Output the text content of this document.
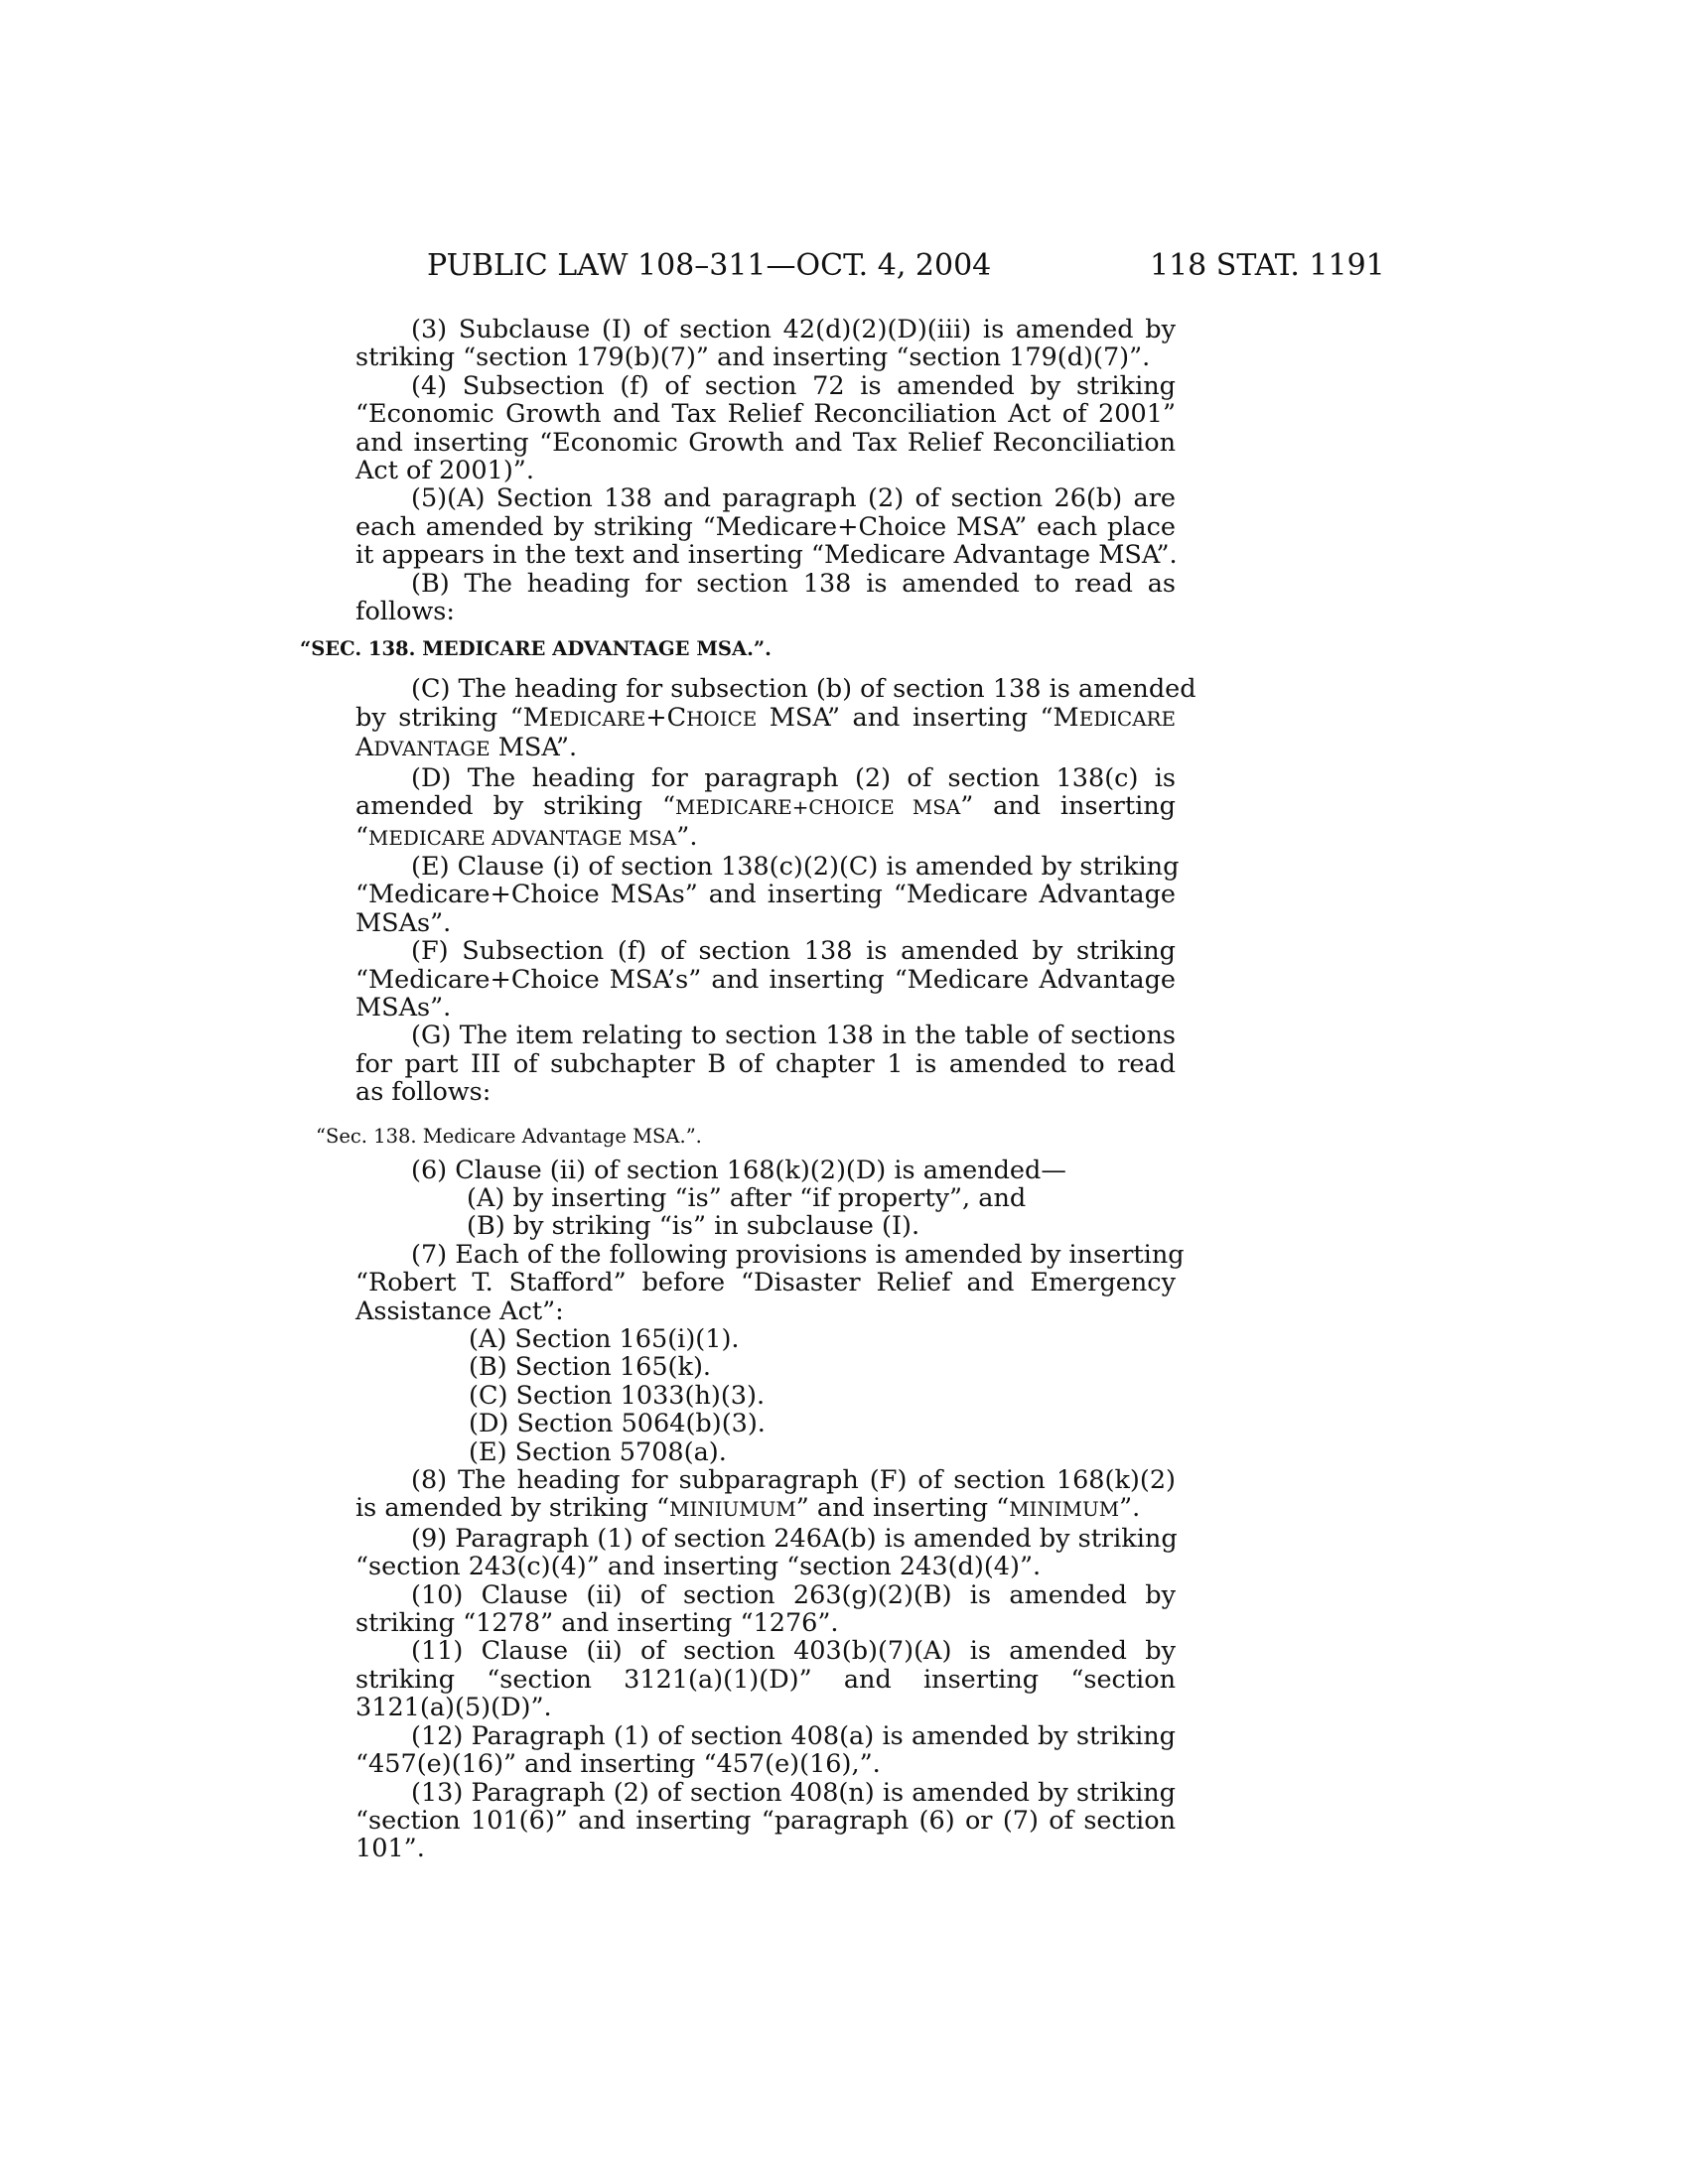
PUBLIC LAW 108–311—OCT. 4, 2004	118 STAT. 1191
(3) Subclause (I) of section 42(d)(2)(D)(iii) is amended by
striking “section 179(b)(7)” and inserting “section 179(d)(7)”.
(4) Subsection (f) of section 72 is amended by striking
“Economic Growth and Tax Relief Reconciliation Act of 2001”
and inserting “Economic Growth and Tax Relief Reconciliation
Act of 2001)”.
(5)(A) Section 138 and paragraph (2) of section 26(b) are
each amended by striking “Medicare+Choice MSA” each place
it appears in the text and inserting “Medicare Advantage MSA”.
(B) The heading for section 138 is amended to read as
follows:
“SEC. 138. MEDICARE ADVANTAGE MSA.”.
(C) The heading for subsection (b) of section 138 is amended
by striking “MEDICARE+CHOICE MSA” and inserting “MEDICARE
ADVANTAGE MSA”.
(D) The heading for paragraph (2) of section 138(c) is
amended by striking “MEDICARE+CHOICE MSA” and inserting
“MEDICARE ADVANTAGE MSA”.
(E) Clause (i) of section 138(c)(2)(C) is amended by striking
“Medicare+Choice MSAs” and inserting “Medicare Advantage
MSAs”.
(F) Subsection (f) of section 138 is amended by striking
“Medicare+Choice MSA’s” and inserting “Medicare Advantage
MSAs”.
(G) The item relating to section 138 in the table of sections
for part III of subchapter B of chapter 1 is amended to read
as follows:
“Sec. 138. Medicare Advantage MSA.”.
(6) Clause (ii) of section 168(k)(2)(D) is amended—
(A) by inserting “is” after “if property”, and
(B) by striking “is” in subclause (I).
(7) Each of the following provisions is amended by inserting
“Robert T. Stafford” before “Disaster Relief and Emergency
Assistance Act”:
(A) Section 165(i)(1).
(B) Section 165(k).
(C) Section 1033(h)(3).
(D) Section 5064(b)(3).
(E) Section 5708(a).
(8) The heading for subparagraph (F) of section 168(k)(2)
is amended by striking “MINIUMUM” and inserting “MINIMUM”.
(9) Paragraph (1) of section 246A(b) is amended by striking
“section 243(c)(4)” and inserting “section 243(d)(4)”.
(10) Clause (ii) of section 263(g)(2)(B) is amended by
striking “1278” and inserting “1276”.
(11) Clause (ii) of section 403(b)(7)(A) is amended by
striking “section 3121(a)(1)(D)” and inserting “section
3121(a)(5)(D)”.
(12) Paragraph (1) of section 408(a) is amended by striking
“457(e)(16)” and inserting “457(e)(16),”.
(13) Paragraph (2) of section 408(n) is amended by striking
“section 101(6)” and inserting “paragraph (6) or (7) of section
101”.
